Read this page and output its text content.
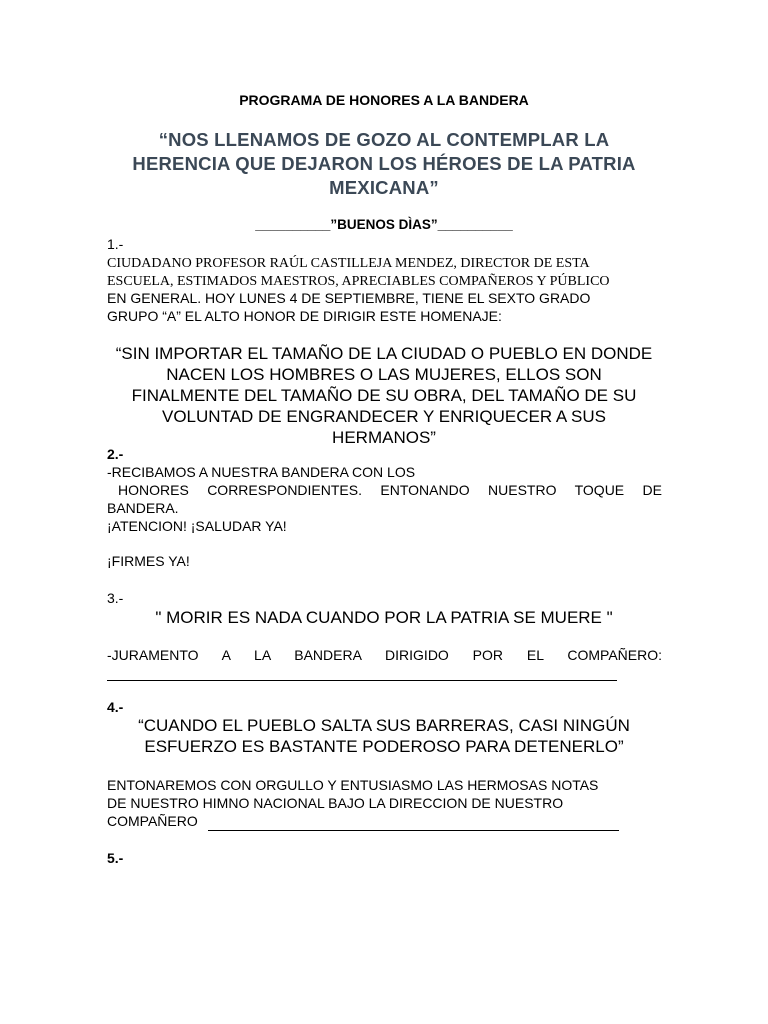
PROGRAMA DE HONORES A LA BANDERA

“NOS LLENAMOS DE GOZO AL CONTEMPLAR LA HERENCIA QUE DEJARON LOS HÉROES DE LA PATRIA MEXICANA”

__________”BUENOS DÌAS”__________

1.-

CIUDADANO PROFESOR RAÚL CASTILLEJA MENDEZ, DIRECTOR DE ESTA
ESCUELA, ESTIMADOS MAESTROS, APRECIABLES COMPAÑEROS Y PÚBLICO
EN GENERAL. HOY LUNES 4 DE SEPTIEMBRE, TIENE EL SEXTO GRADO
GRUPO “A” EL ALTO HONOR DE DIRIGIR ESTE HOMENAJE:

“SIN IMPORTAR EL TAMAÑO DE LA CIUDAD O PUEBLO EN DONDE NACEN LOS HOMBRES O LAS MUJERES, ELLOS SON FINALMENTE DEL TAMAÑO DE SU OBRA, DEL TAMAÑO DE SU VOLUNTAD DE ENGRANDECER Y ENRIQUECER A SUS HERMANOS”

2.-

-RECIBAMOS A NUESTRA BANDERA CON LOS
HONORES CORRESPONDIENTES. ENTONANDO NUESTRO TOQUE DE
BANDERA.
¡ATENCION! ¡SALUDAR YA!

¡FIRMES YA!

3.-

" MORIR ES NADA CUANDO POR LA PATRIA SE MUERE "

-JURAMENTO A LA BANDERA DIRIGIDO POR EL COMPAÑERO:

4.-

“CUANDO EL PUEBLO SALTA SUS BARRERAS, CASI NINGÚN ESFUERZO ES BASTANTE PODEROSO PARA DETENERLO”

ENTONAREMOS CON ORGULLO Y ENTUSIASMO LAS HERMOSAS NOTAS
DE NUESTRO HIMNO NACIONAL BAJO LA DIRECCION DE NUESTRO
COMPAÑERO

5.-
